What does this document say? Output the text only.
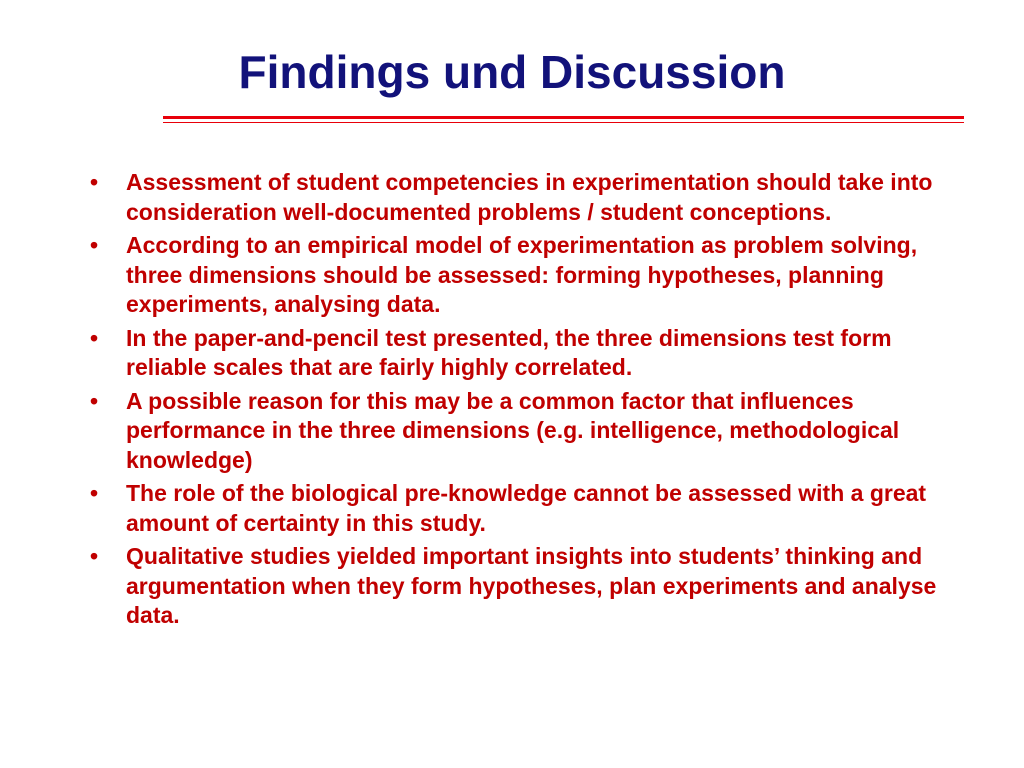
Findings und Discussion
• Assessment of student competencies in experimentation should take into consideration well-documented problems / student conceptions.
• According to an empirical model of experimentation as problem solving, three dimensions should be assessed: forming hypotheses, planning experiments, analysing data.
• In the paper-and-pencil test presented, the three dimensions test form reliable scales that are fairly highly correlated.
• A possible reason for this may be a common factor that influences performance in the three dimensions (e.g. intelligence, methodological knowledge)
• The role of the biological pre-knowledge cannot be assessed with a great amount of certainty in this study.
• Qualitative studies yielded important insights into students’ thinking and argumentation when they form hypotheses, plan experiments and analyse data.
